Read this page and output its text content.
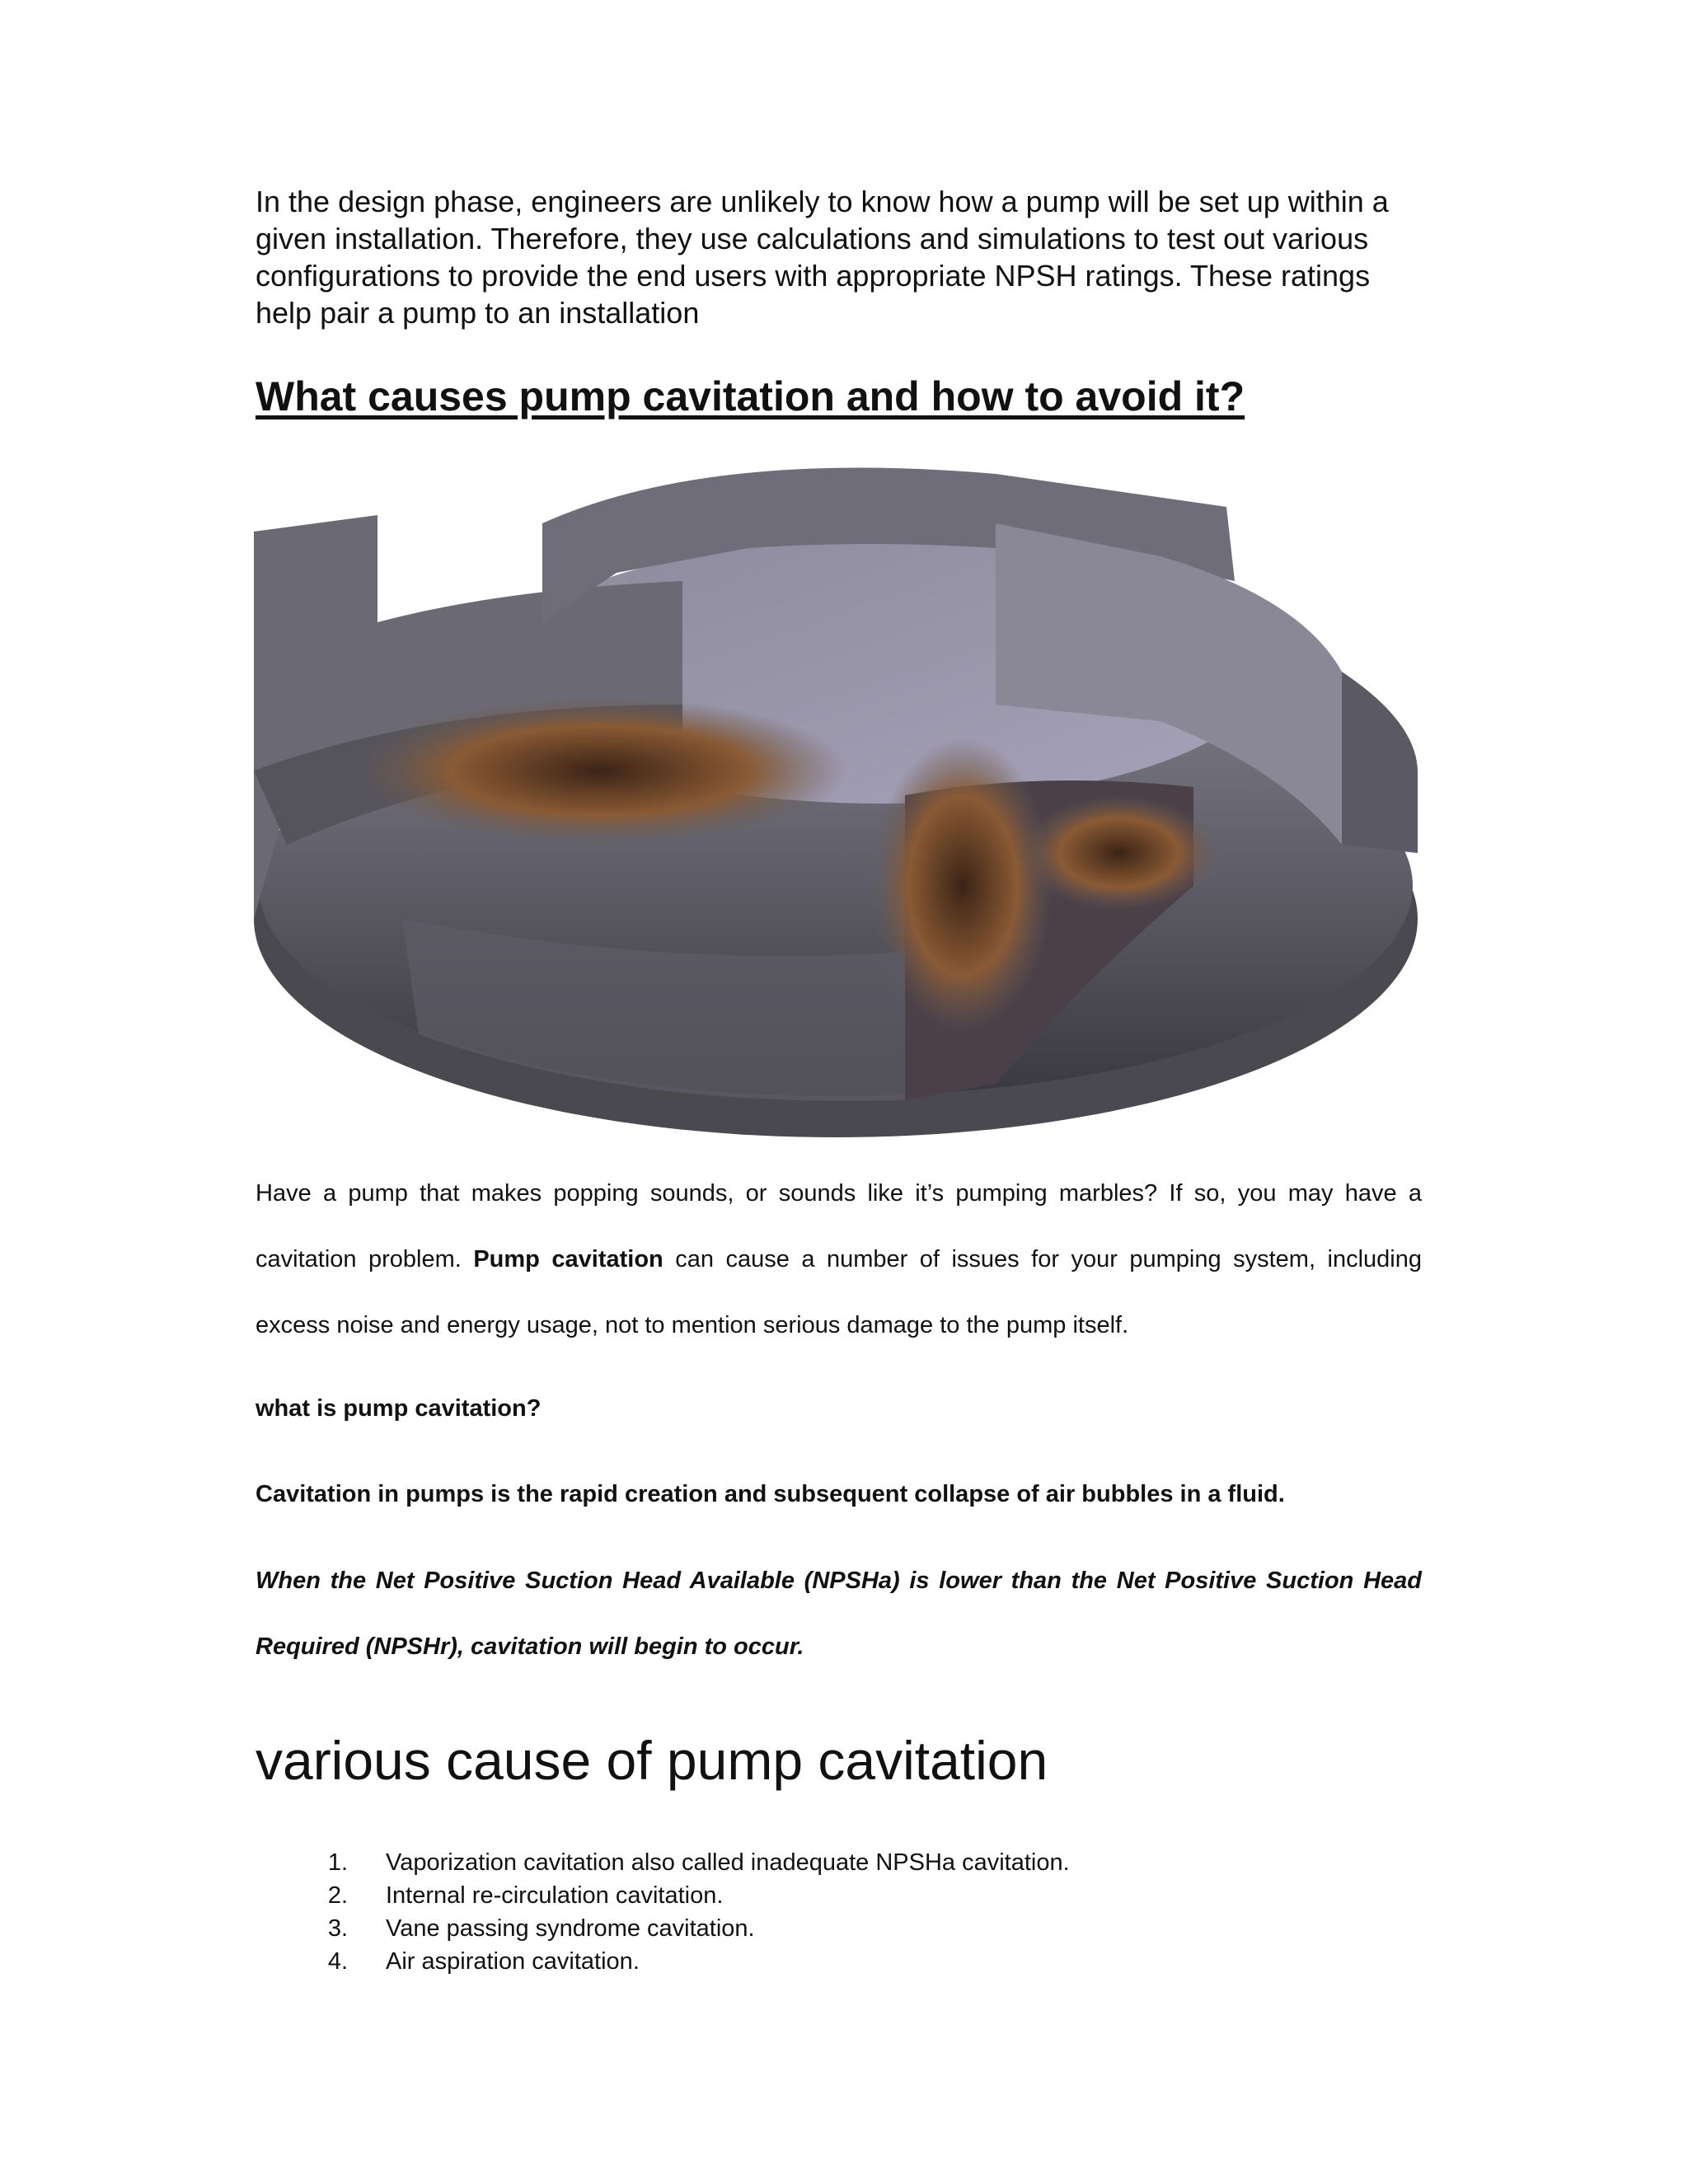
In the design phase, engineers are unlikely to know how a pump will be set up within a given installation. Therefore, they use calculations and simulations to test out various configurations to provide the end users with appropriate NPSH ratings. These ratings help pair a pump to an installation

What causes pump cavitation and how to avoid it?

Have a pump that makes popping sounds, or sounds like it’s pumping marbles? If so, you may have a cavitation problem. Pump cavitation can cause a number of issues for your pumping system, including excess noise and energy usage, not to mention serious damage to the pump itself.

what is pump cavitation?

Cavitation in pumps is the rapid creation and subsequent collapse of air bubbles in a fluid.

When the Net Positive Suction Head Available (NPSHa) is lower than the Net Positive Suction Head Required (NPSHr), cavitation will begin to occur.

various cause of pump cavitation
1.	Vaporization cavitation also called inadequate NPSHa cavitation.
2.	Internal re-circulation cavitation.
3.	Vane passing syndrome cavitation.
4.	Air aspiration cavitation.
